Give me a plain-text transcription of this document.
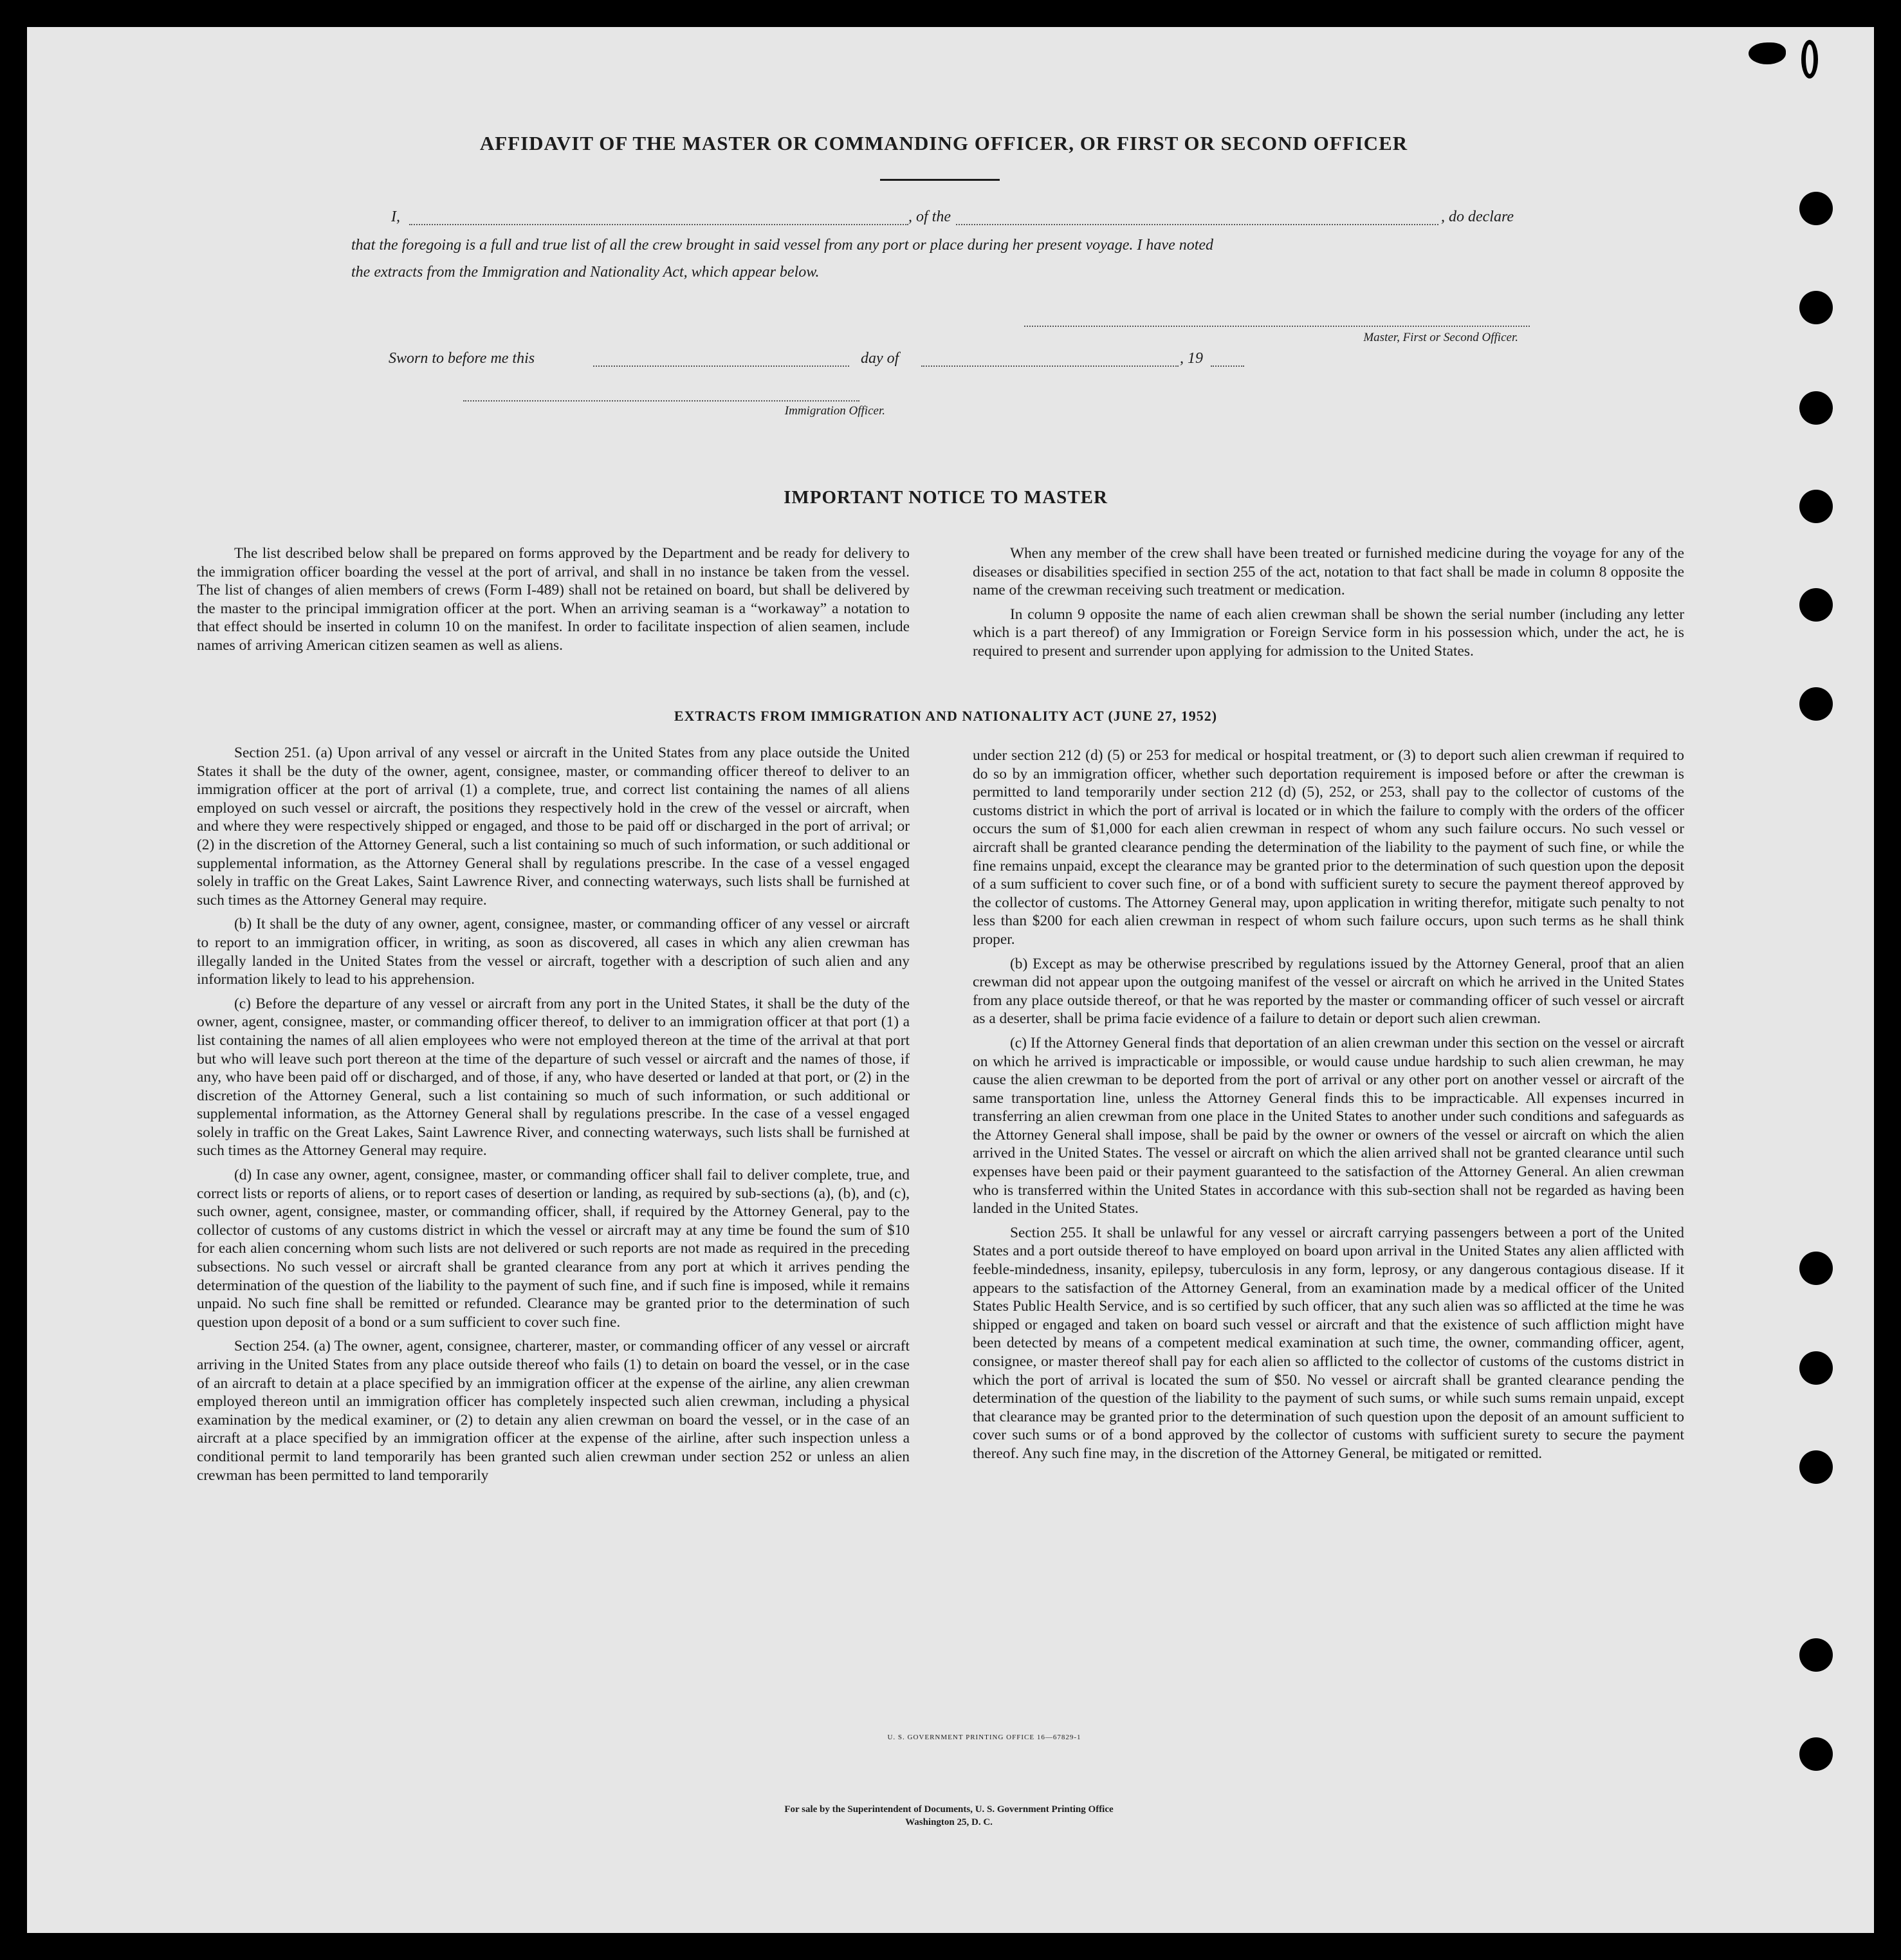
AFFIDAVIT OF THE MASTER OR COMMANDING OFFICER, OR FIRST OR SECOND OFFICER
I,	, of the	, do declare
that the foregoing is a full and true list of all the crew brought in said vessel from any port or place during her present voyage. I have noted
the extracts from the Immigration and Nationality Act, which appear below.
Master, First or Second Officer.
Sworn to before me this	day of	, 19
Immigration Officer.
IMPORTANT NOTICE TO MASTER

The list described below shall be prepared on forms approved by the Department and be ready for delivery to the immigration officer boarding the vessel at the port of arrival, and shall in no instance be taken from the vessel. The list of changes of alien members of crews (Form I-489) shall not be retained on board, but shall be delivered by the master to the principal immigration officer at the port. When an arriving seaman is a “workaway” a notation to that effect should be inserted in column 10 on the manifest. In order to facilitate inspection of alien seamen, include names of arriving American citizen seamen as well as aliens.

When any member of the crew shall have been treated or furnished medicine during the voyage for any of the diseases or disabilities specified in section 255 of the act, notation to that fact shall be made in column 8 opposite the name of the crewman receiving such treatment or medication.

In column 9 opposite the name of each alien crewman shall be shown the serial number (including any letter which is a part thereof) of any Immigration or Foreign Service form in his possession which, under the act, he is required to present and surrender upon applying for admission to the United States.

EXTRACTS FROM IMMIGRATION AND NATIONALITY ACT (JUNE 27, 1952)

Section 251. (a) Upon arrival of any vessel or aircraft in the United States from any place outside the United States it shall be the duty of the owner, agent, consignee, master, or commanding officer thereof to deliver to an immigration officer at the port of arrival (1) a complete, true, and correct list containing the names of all aliens employed on such vessel or aircraft, the positions they respectively hold in the crew of the vessel or aircraft, when and where they were respectively shipped or engaged, and those to be paid off or discharged in the port of arrival; or (2) in the discretion of the Attorney General, such a list containing so much of such information, or such additional or supplemental information, as the Attorney General shall by regulations prescribe. In the case of a vessel engaged solely in traffic on the Great Lakes, Saint Lawrence River, and connecting waterways, such lists shall be furnished at such times as the Attorney General may require.

(b) It shall be the duty of any owner, agent, consignee, master, or commanding officer of any vessel or aircraft to report to an immigration officer, in writing, as soon as discovered, all cases in which any alien crewman has illegally landed in the United States from the vessel or aircraft, together with a description of such alien and any information likely to lead to his apprehension.

(c) Before the departure of any vessel or aircraft from any port in the United States, it shall be the duty of the owner, agent, consignee, master, or commanding officer thereof, to deliver to an immigration officer at that port (1) a list containing the names of all alien employees who were not employed thereon at the time of the arrival at that port but who will leave such port thereon at the time of the departure of such vessel or aircraft and the names of those, if any, who have been paid off or discharged, and of those, if any, who have deserted or landed at that port, or (2) in the discretion of the Attorney General, such a list containing so much of such information, or such additional or supplemental information, as the Attorney General shall by regulations prescribe. In the case of a vessel engaged solely in traffic on the Great Lakes, Saint Lawrence River, and connecting waterways, such lists shall be furnished at such times as the Attorney General may require.

(d) In case any owner, agent, consignee, master, or commanding officer shall fail to deliver complete, true, and correct lists or reports of aliens, or to report cases of desertion or landing, as required by sub-sections (a), (b), and (c), such owner, agent, consignee, master, or commanding officer, shall, if required by the Attorney General, pay to the collector of customs of any customs district in which the vessel or aircraft may at any time be found the sum of $10 for each alien concerning whom such lists are not delivered or such reports are not made as required in the preceding subsections. No such vessel or aircraft shall be granted clearance from any port at which it arrives pending the determination of the question of the liability to the payment of such fine, and if such fine is imposed, while it remains unpaid. No such fine shall be remitted or refunded. Clearance may be granted prior to the determination of such question upon deposit of a bond or a sum sufficient to cover such fine.

Section 254. (a) The owner, agent, consignee, charterer, master, or commanding officer of any vessel or aircraft arriving in the United States from any place outside thereof who fails (1) to detain on board the vessel, or in the case of an aircraft to detain at a place specified by an immigration officer at the expense of the airline, any alien crewman employed thereon until an immigration officer has completely inspected such alien crewman, including a physical examination by the medical examiner, or (2) to detain any alien crewman on board the vessel, or in the case of an aircraft at a place specified by an immigration officer at the expense of the airline, after such inspection unless a conditional permit to land temporarily has been granted such alien crewman under section 252 or unless an alien crewman has been permitted to land temporarily

under section 212 (d) (5) or 253 for medical or hospital treatment, or (3) to deport such alien crewman if required to do so by an immigration officer, whether such deportation requirement is imposed before or after the crewman is permitted to land temporarily under section 212 (d) (5), 252, or 253, shall pay to the collector of customs of the customs district in which the port of arrival is located or in which the failure to comply with the orders of the officer occurs the sum of $1,000 for each alien crewman in respect of whom any such failure occurs. No such vessel or aircraft shall be granted clearance pending the determination of the liability to the payment of such fine, or while the fine remains unpaid, except the clearance may be granted prior to the determination of such question upon the deposit of a sum sufficient to cover such fine, or of a bond with sufficient surety to secure the payment thereof approved by the collector of customs. The Attorney General may, upon application in writing therefor, mitigate such penalty to not less than $200 for each alien crewman in respect of whom such failure occurs, upon such terms as he shall think proper.

(b) Except as may be otherwise prescribed by regulations issued by the Attorney General, proof that an alien crewman did not appear upon the outgoing manifest of the vessel or aircraft on which he arrived in the United States from any place outside thereof, or that he was reported by the master or commanding officer of such vessel or aircraft as a deserter, shall be prima facie evidence of a failure to detain or deport such alien crewman.

(c) If the Attorney General finds that deportation of an alien crewman under this section on the vessel or aircraft on which he arrived is impracticable or impossible, or would cause undue hardship to such alien crewman, he may cause the alien crewman to be deported from the port of arrival or any other port on another vessel or aircraft of the same transportation line, unless the Attorney General finds this to be impracticable. All expenses incurred in transferring an alien crewman from one place in the United States to another under such conditions and safeguards as the Attorney General shall impose, shall be paid by the owner or owners of the vessel or aircraft on which the alien arrived in the United States. The vessel or aircraft on which the alien arrived shall not be granted clearance until such expenses have been paid or their payment guaranteed to the satisfaction of the Attorney General. An alien crewman who is transferred within the United States in accordance with this sub-section shall not be regarded as having been landed in the United States.

Section 255. It shall be unlawful for any vessel or aircraft carrying passengers between a port of the United States and a port outside thereof to have employed on board upon arrival in the United States any alien afflicted with feeble-mindedness, insanity, epilepsy, tuberculosis in any form, leprosy, or any dangerous contagious disease. If it appears to the satisfaction of the Attorney General, from an examination made by a medical officer of the United States Public Health Service, and is so certified by such officer, that any such alien was so afflicted at the time he was shipped or engaged and taken on board such vessel or aircraft and that the existence of such affliction might have been detected by means of a competent medical examination at such time, the owner, commanding officer, agent, consignee, or master thereof shall pay for each alien so afflicted to the collector of customs of the customs district in which the port of arrival is located the sum of $50. No vessel or aircraft shall be granted clearance pending the determination of the question of the liability to the payment of such sums, or while such sums remain unpaid, except that clearance may be granted prior to the determination of such question upon the deposit of an amount sufficient to cover such sums or of a bond approved by the collector of customs with sufficient surety to secure the payment thereof. Any such fine may, in the discretion of the Attorney General, be mitigated or remitted.

U. S. GOVERNMENT PRINTING OFFICE 16—67829-1
For sale by the Superintendent of Documents, U. S. Government Printing Office
Washington 25, D. C.
